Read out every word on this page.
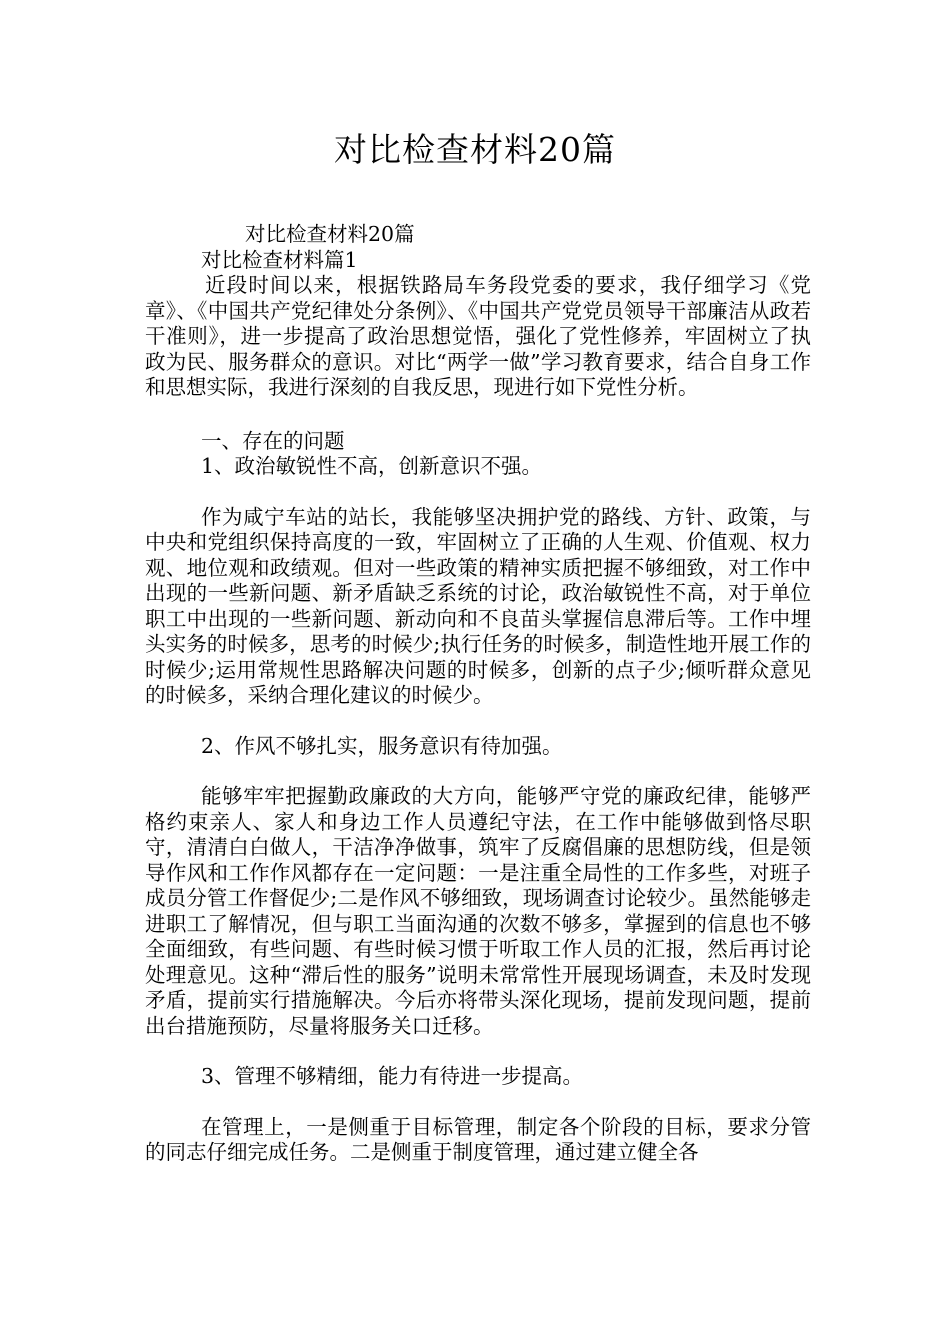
对比检查材料20篇

对比检查材料20篇

对比检查材料篇1

近段时间以来，根据铁路局车务段党委的要求，我仔细学习《党章》、《中国共产党纪律处分条例》、《中国共产党党员领导干部廉洁从政若干准则》，进一步提高了政治思想觉悟，强化了党性修养，牢固树立了执政为民、服务群众的意识。对比“两学一做”学习教育要求，结合自身工作和思想实际，我进行深刻的自我反思，现进行如下党性分析。

一、存在的问题

1、政治敏锐性不高，创新意识不强。

作为咸宁车站的站长，我能够坚决拥护党的路线、方针、政策，与中央和党组织保持高度的一致，牢固树立了正确的人生观、价值观、权力观、地位观和政绩观。但对一些政策的精神实质把握不够细致，对工作中出现的一些新问题、新矛盾缺乏系统的讨论，政治敏锐性不高，对于单位职工中出现的一些新问题、新动向和不良苗头掌握信息滞后等。工作中埋头实务的时候多，思考的时候少;执行任务的时候多，制造性地开展工作的时候少;运用常规性思路解决问题的时候多，创新的点子少;倾听群众意见的时候多，采纳合理化建议的时候少。

2、作风不够扎实，服务意识有待加强。

能够牢牢把握勤政廉政的大方向，能够严守党的廉政纪律，能够严格约束亲人、家人和身边工作人员遵纪守法，在工作中能够做到恪尽职守，清清白白做人，干洁净净做事，筑牢了反腐倡廉的思想防线，但是领导作风和工作作风都存在一定问题：一是注重全局性的工作多些，对班子成员分管工作督促少;二是作风不够细致，现场调查讨论较少。虽然能够走进职工了解情况，但与职工当面沟通的次数不够多，掌握到的信息也不够全面细致，有些问题、有些时候习惯于听取工作人员的汇报，然后再讨论处理意见。这种“滞后性的服务”说明未常常性开展现场调查，未及时发现矛盾，提前实行措施解决。今后亦将带头深化现场，提前发现问题，提前出台措施预防，尽量将服务关口迁移。

3、管理不够精细，能力有待进一步提高。

在管理上，一是侧重于目标管理，制定各个阶段的目标，要求分管的同志仔细完成任务。二是侧重于制度管理，通过建立健全各
